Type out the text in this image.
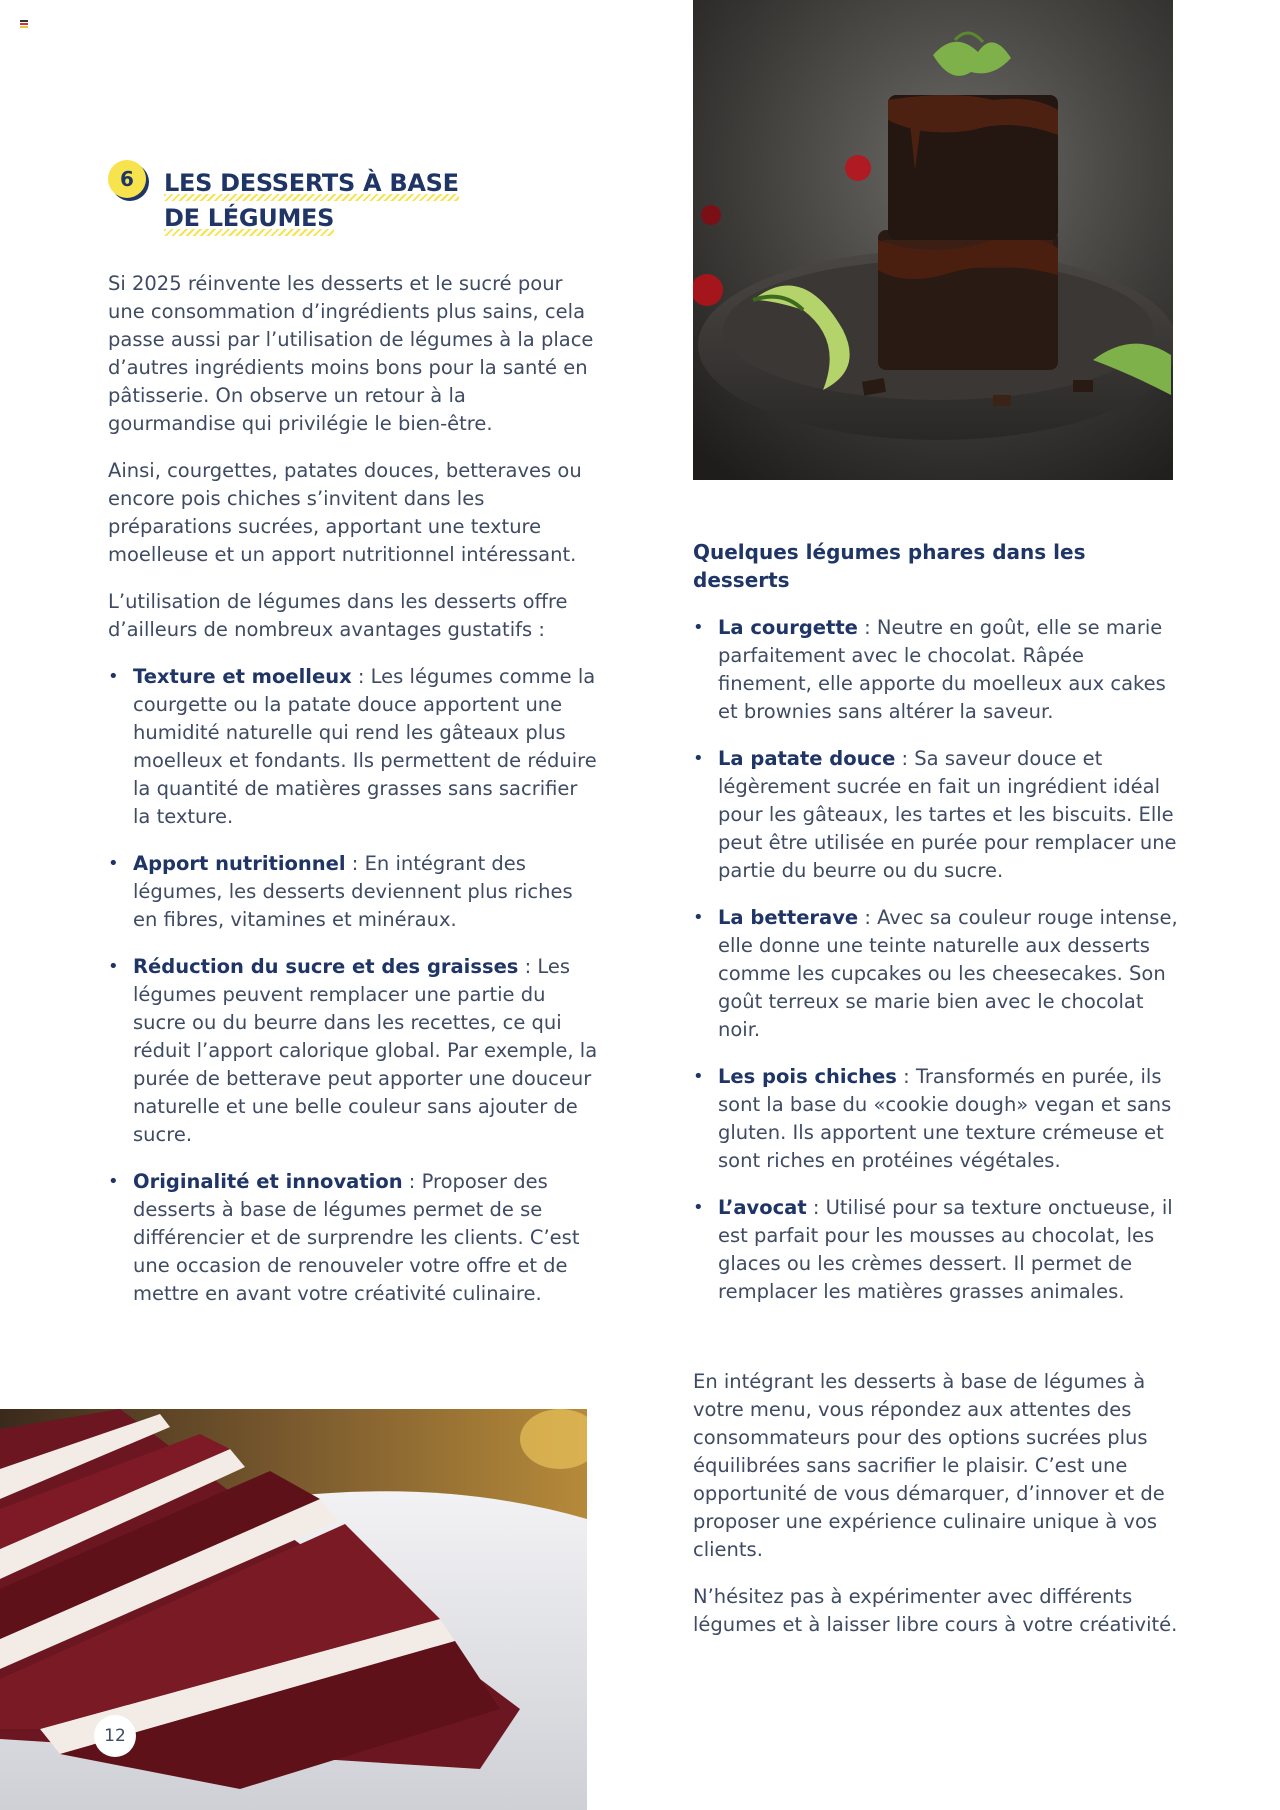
6	LES DESSERTS À BASE
DE LÉGUMES

Si 2025 réinvente les desserts et le sucré pour une consommation d’ingrédients plus sains, cela passe aussi par l’utilisation de légumes à la place d’autres ingrédients moins bons pour la santé en pâtisserie. On observe un retour à la gourmandise qui privilégie le bien-être.

Ainsi, courgettes, patates douces, betteraves ou encore pois chiches s’invitent dans les préparations sucrées, apportant une texture moelleuse et un apport nutritionnel intéressant.

L’utilisation de légumes dans les desserts offre d’ailleurs de nombreux avantages gustatifs :

• Texture et moelleux : Les légumes comme la courgette ou la patate douce apportent une humidité naturelle qui rend les gâteaux plus moelleux et fondants. Ils permettent de réduire la quantité de matières grasses sans sacrifier la texture.
• Apport nutritionnel : En intégrant des légumes, les desserts deviennent plus riches en fibres, vitamines et minéraux.
• Réduction du sucre et des graisses : Les légumes peuvent remplacer une partie du sucre ou du beurre dans les recettes, ce qui réduit l’apport calorique global. Par exemple, la purée de betterave peut apporter une douceur naturelle et une belle couleur sans ajouter de sucre.
• Originalité et innovation : Proposer des desserts à base de légumes permet de se différencier et de surprendre les clients. C’est une occasion de renouveler votre offre et de mettre en avant votre créativité culinaire.
Quelques légumes phares dans les desserts
• La courgette : Neutre en goût, elle se marie parfaitement avec le chocolat. Râpée finement, elle apporte du moelleux aux cakes et brownies sans altérer la saveur.
• La patate douce : Sa saveur douce et légèrement sucrée en fait un ingrédient idéal pour les gâteaux, les tartes et les biscuits. Elle peut être utilisée en purée pour remplacer une partie du beurre ou du sucre.
• La betterave : Avec sa couleur rouge intense, elle donne une teinte naturelle aux desserts comme les cupcakes ou les cheesecakes. Son goût terreux se marie bien avec le chocolat noir.
• Les pois chiches : Transformés en purée, ils sont la base du «cookie dough» vegan et sans gluten. Ils apportent une texture crémeuse et sont riches en protéines végétales.
• L’avocat : Utilisé pour sa texture onctueuse, il est parfait pour les mousses au chocolat, les glaces ou les crèmes dessert. Il permet de remplacer les matières grasses animales.

En intégrant les desserts à base de légumes à votre menu, vous répondez aux attentes des consommateurs pour des options sucrées plus équilibrées sans sacrifier le plaisir. C’est une opportunité de vous démarquer, d’innover et de proposer une expérience culinaire unique à vos clients.

N’hésitez pas à expérimenter avec différents légumes et à laisser libre cours à votre créativité.

12
